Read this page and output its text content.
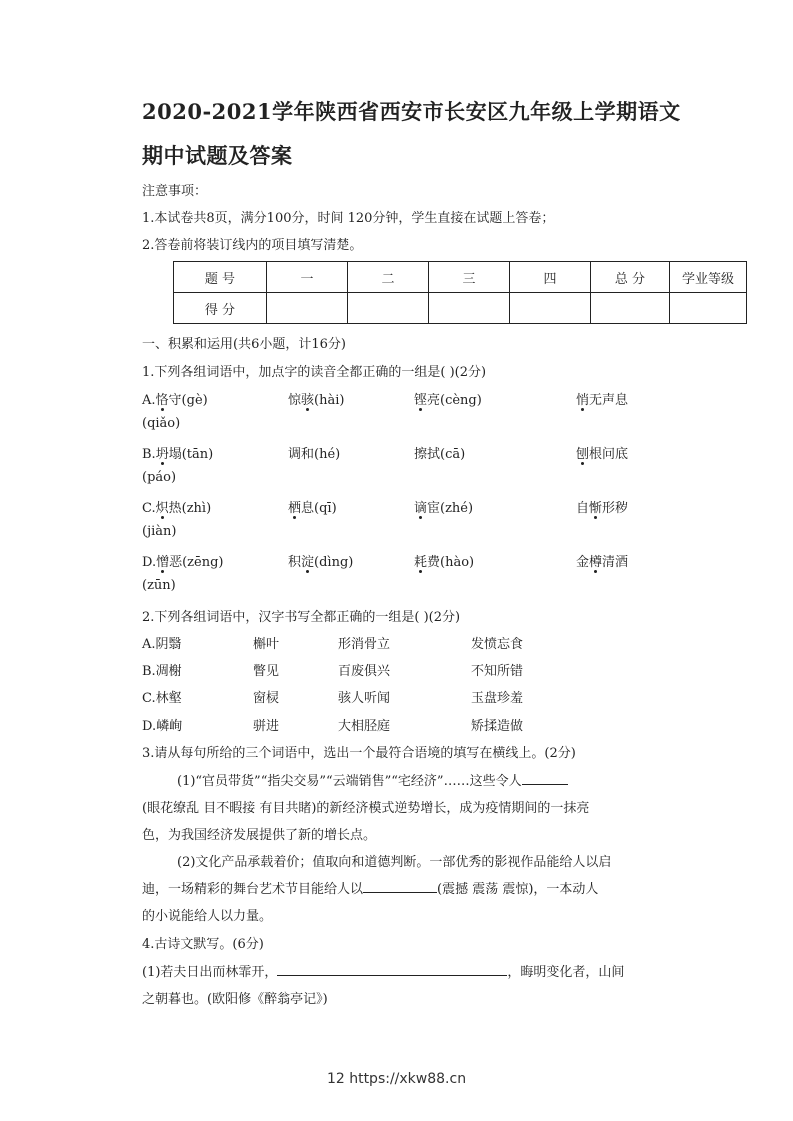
2020-2021学年陕西省西安市长安区九年级上学期语文
期中试题及答案
注意事项：
1.本试卷共8页，满分100分，时间 120分钟，学生直接在试题上答卷；
2.答卷前将装订线内的项目填写清楚。
题 号	一	二	三	四	总 分	学业等级
得 分						
一、积累和运用(共6小题，计16分)
1.下列各组词语中，加点字的读音全都正确的一组是( )(2分)
A.恪守(gè)	惊骇(hài)	铿亮(cèng)	悄无声息
(qiǎo)
B.坍塌(tān)	调和(hé)	擦拭(cā)	刨根问底
(páo)
C.炽热(zhì)	栖息(qī)	谪宦(zhé)	自惭形秽
(jiàn)
D.憎恶(zēng)	积淀(dìng)	耗费(hào)	金樽清酒
(zūn)
2.下列各组词语中，汉字书写全都正确的一组是( )(2分)
A.阴翳	槲叶	形消骨立	发愤忘食
B.凋榭	瞥见	百废俱兴	不知所错
C.林壑	窗棂	骇人听闻	玉盘珍羞
D.嶙峋	骈进	大相胫庭	矫揉造做
3.请从每句所给的三个词语中，选出一个最符合语境的填写在横线上。(2分)
(1)“官员带货”“指尖交易”“云端销售”“宅经济”……这些令人
(眼花缭乱 目不暇接 有目共睹)的新经济模式逆势增长，成为疫情期间的一抹亮
色，为我国经济发展提供了新的增长点。
(2)文化产品承载着价；值取向和道德判断。一部优秀的影视作品能给人以启
迪，一场精彩的舞台艺术节目能给人以	(震撼 震荡 震惊)，一本动人
的小说能给人以力量。
4.古诗文默写。(6分)
(1)若夫日出而林霏开，	，晦明变化者，山间
之朝暮也。(欧阳修《醉翁亭记》)
12 https://xkw88.cn
